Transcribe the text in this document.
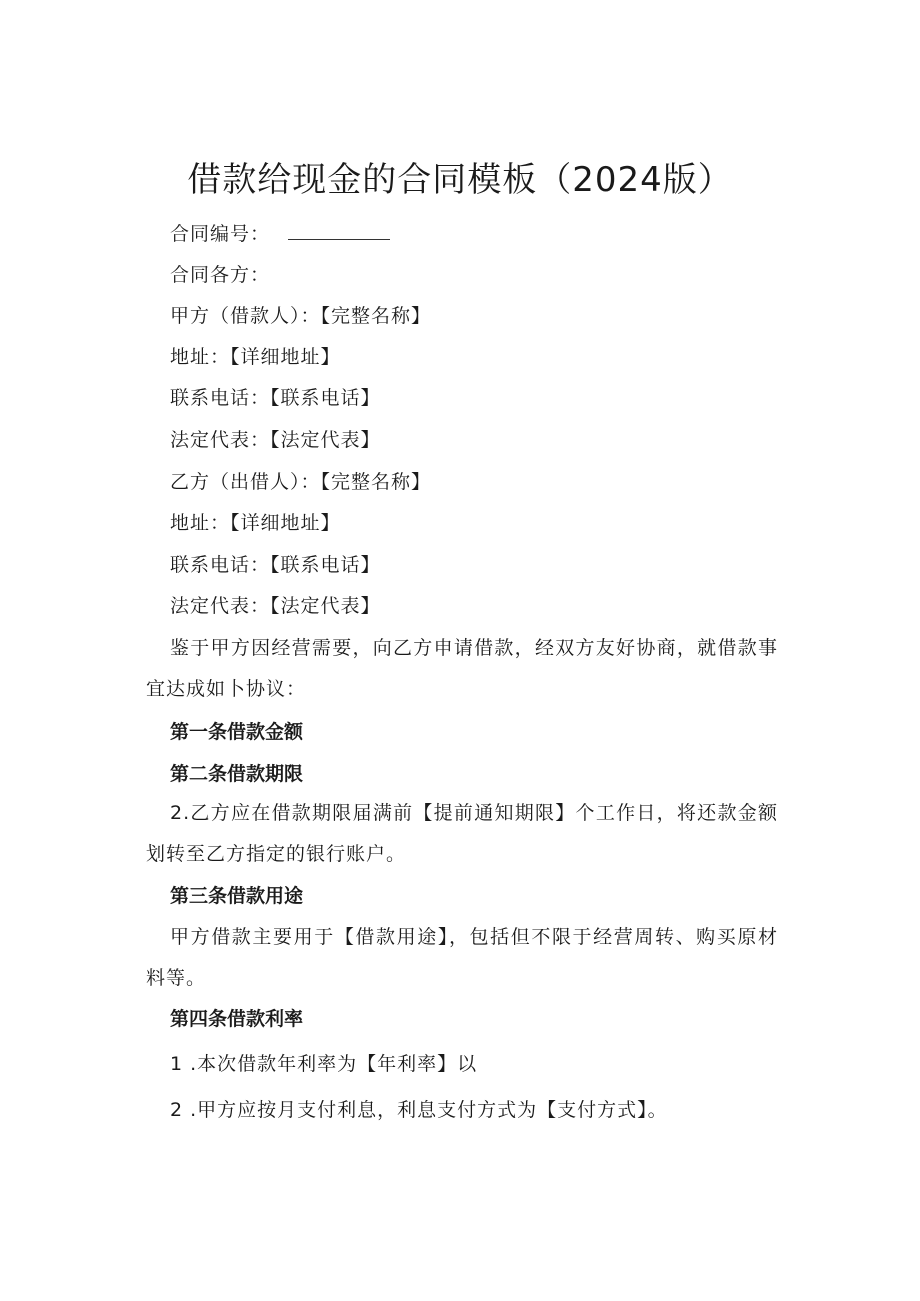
借款给现金的合同模板（2024版）
合同编号：
合同各方：
甲方（借款人）：【完整名称】
地址：【详细地址】
联系电话：【联系电话】
法定代表：【法定代表】
乙方（出借人）：【完整名称】
地址：【详细地址】
联系电话：【联系电话】
法定代表：【法定代表】

鉴于甲方因经营需要，向乙方申请借款，经双方友好协商，就借款事宜达成如卜协议：

第一条借款金额
第二条借款期限

2.乙方应在借款期限届满前【提前通知期限】个工作日，将还款金额划转至乙方指定的银行账户。

第三条借款用途

甲方借款主要用于【借款用途】，包括但不限于经营周转、购买原材料等。

第四条借款利率
1 .本次借款年利率为【年利率】以
2 .甲方应按月支付利息，利息支付方式为【支付方式】。
